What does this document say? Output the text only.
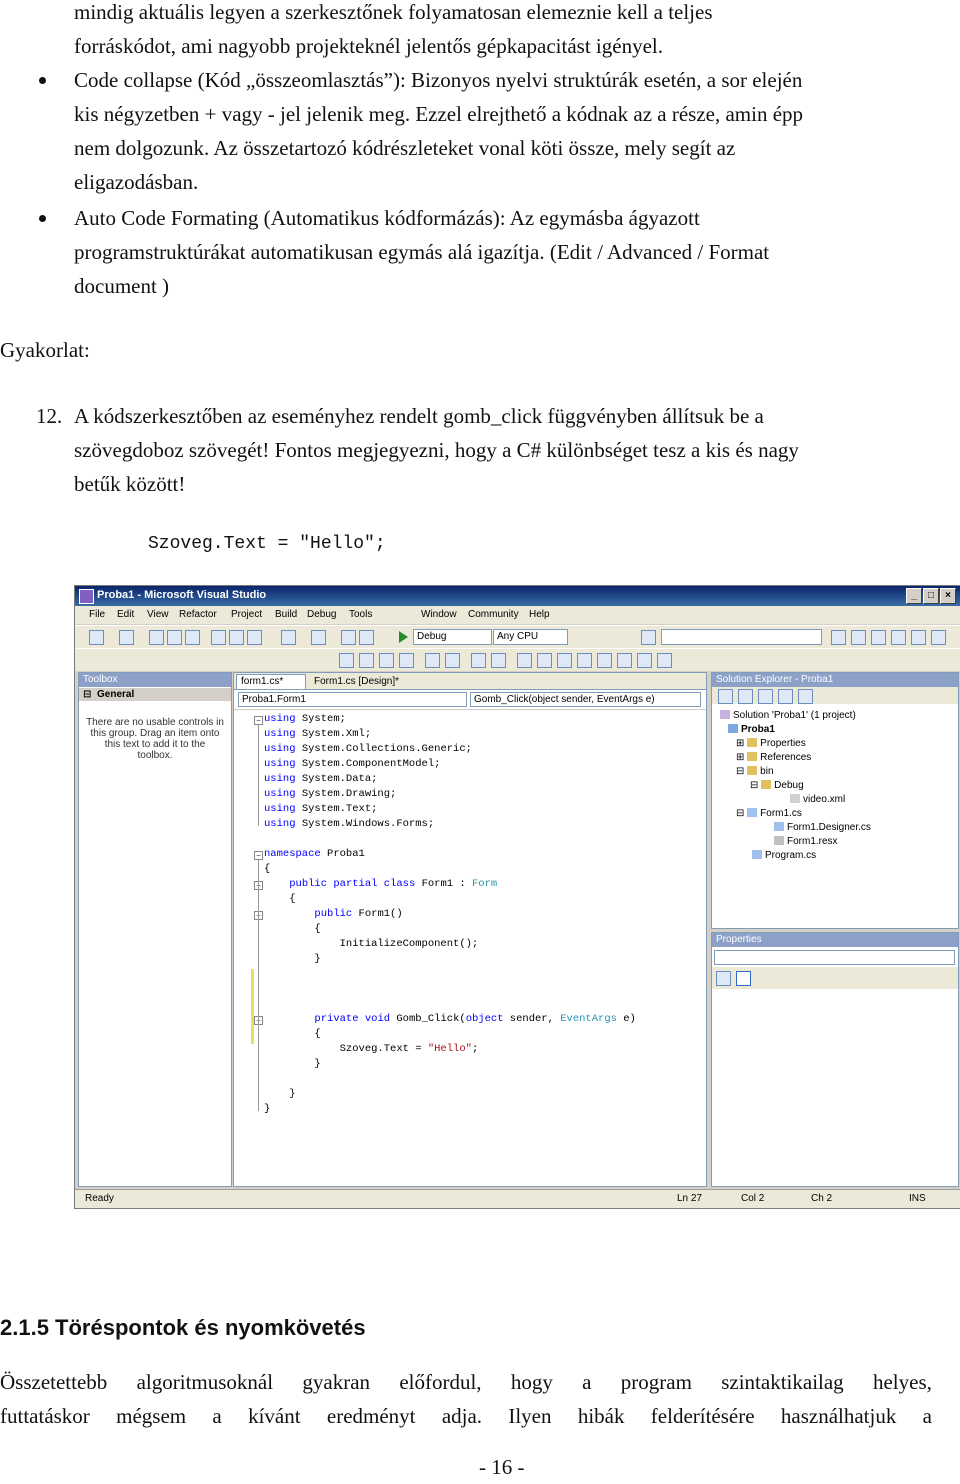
mindig aktuális legyen a szerkesztőnek folyamatosan elemeznie kell a teljes
forráskódot, ami nagyobb projekteknél jelentős gépkapacitást igényel.
Code collapse (Kód „összeomlasztás”): Bizonyos nyelvi struktúrák esetén, a sor elején
kis négyzetben + vagy - jel jelenik meg. Ezzel elrejthető a kódnak az a része, amin épp
nem dolgozunk. Az összetartozó kódrészleteket vonal köti össze, mely segít az
eligazodásban.
Auto Code Formating (Automatikus kódformázás): Az egymásba ágyazott
programstruktúrákat automatikusan egymás alá igazítja. (Edit / Advanced / Format
document )
Gyakorlat:
12. A kódszerkesztőben az eseményhez rendelt gomb_click függvényben állítsuk be a
szövegdoboz szövegét! Fontos megjegyezni, hogy a C# különbséget tesz a kis és nagy
betűk között!
Szoveg.Text = "Hello";
Proba1 - Microsoft Visual Studio	_	□	×
File Edit View Refactor Project Build Debug Tools	Window Community Help
Debug	Any CPU
Toolbox
⊟ General
There are no usable controls in
this group. Drag an item onto
this text to add it to the
toolbox.
form1.cs*	Form1.cs [Design]*
Proba1.Form1	Gomb_Click(object sender, EventArgs e)
using System;
using System.Xml;
using System.Collections.Generic;
using System.ComponentModel;
using System.Data;
using System.Drawing;
using System.Text;
using System.Windows.Forms;
namespace Proba1
{
public partial class Form1 : Form
{
public Form1()
{
InitializeComponent();
}
private void Gomb_Click(object sender, EventArgs e)
{
Szoveg.Text = "Hello";
}
}
}
−
−
−
−
−
Solution Explorer - Proba1
Solution 'Proba1' (1 project)
Proba1
⊞ Properties
⊞ References
⊟ bin
⊟ Debug
video.xml
⊟ Form1.cs
Form1.Designer.cs
Form1.resx
Program.cs
Properties
Ready	Ln 27	Col 2	Ch 2	INS
2.1.5 Töréspontok és nyomkövetés
Összetettebb algoritmusoknál gyakran előfordul, hogy a program szintaktikailag helyes,
futtatáskor mégsem a kívánt eredményt adja. Ilyen hibák felderítésére használhatjuk a
- 16 -
